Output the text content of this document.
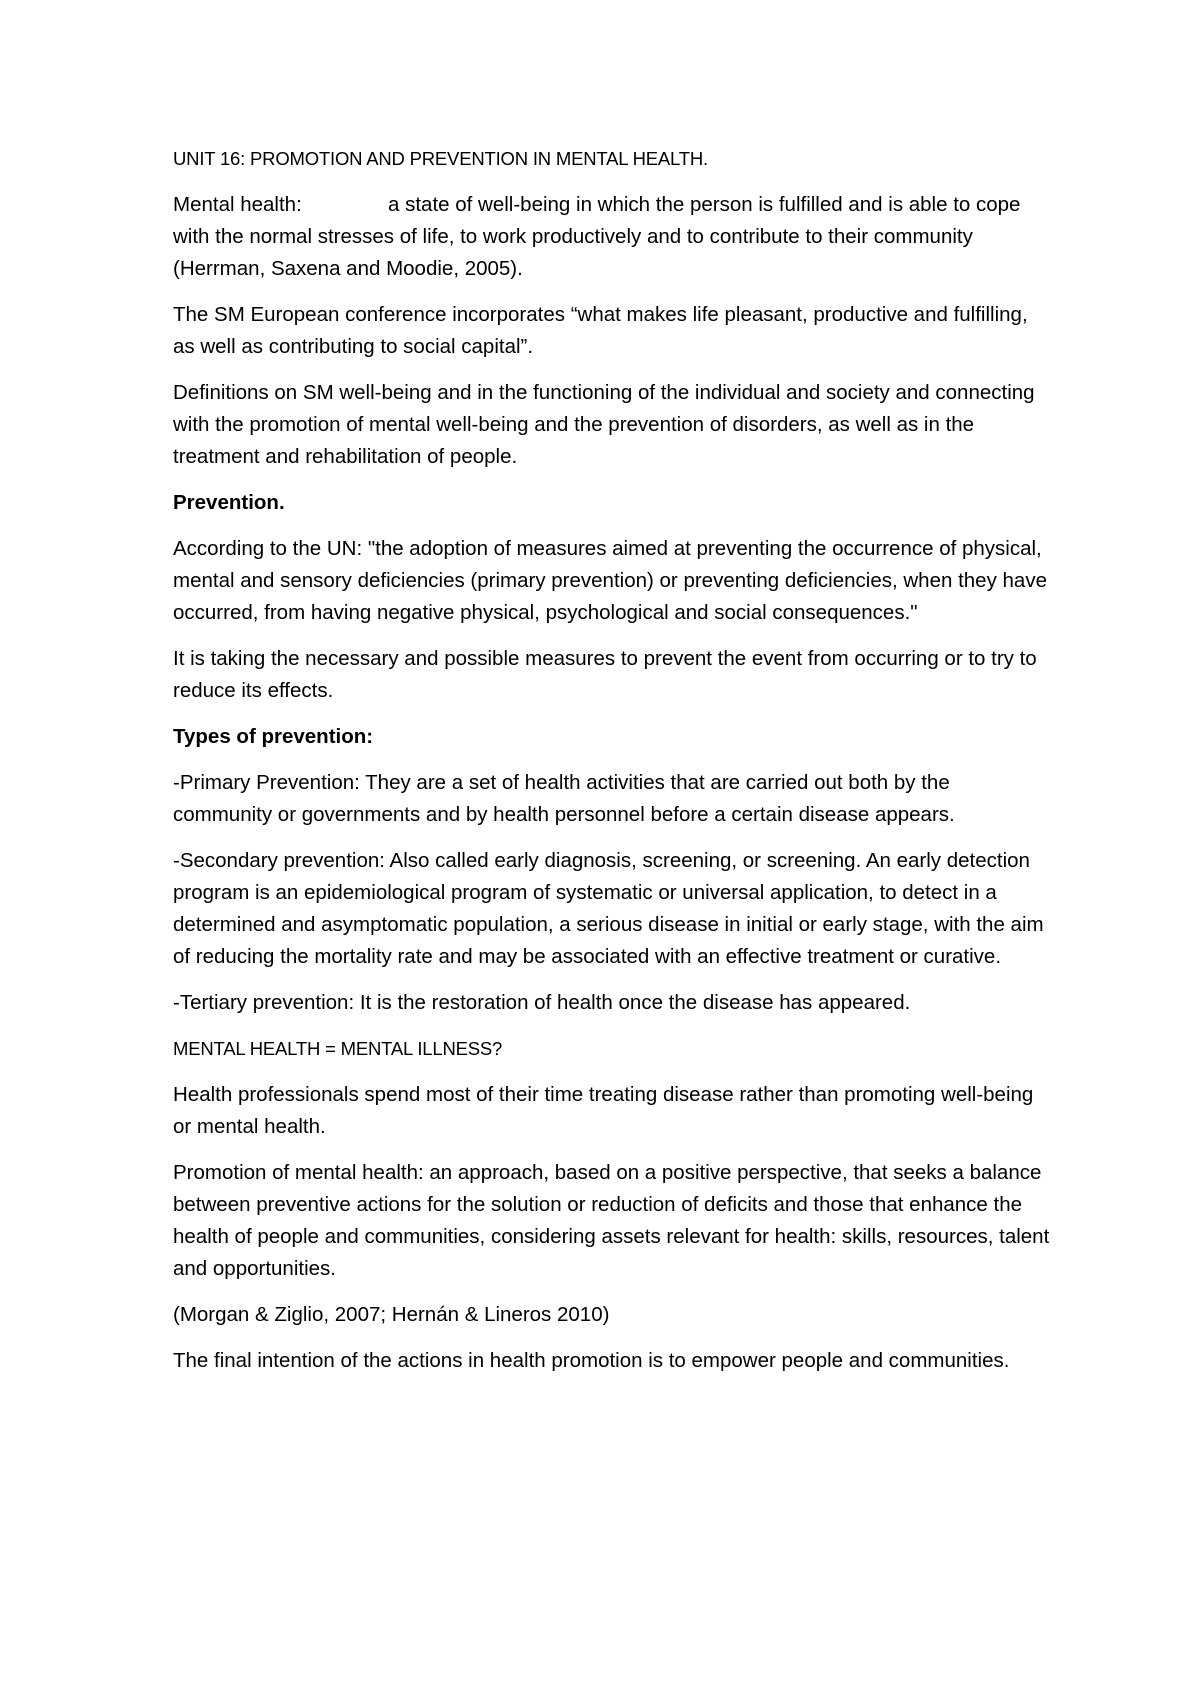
UNIT 16: PROMOTION AND PREVENTION IN MENTAL HEALTH.

Mental health:	a state of well-being in which the person is fulfilled and is able to cope with the normal stresses of life, to work productively and to contribute to their community (Herrman, Saxena and Moodie, 2005).

The SM European conference incorporates “what makes life pleasant, productive and fulfilling, as well as contributing to social capital”.

Definitions on SM well-being and in the functioning of the individual and society and connecting with the promotion of mental well-being and the prevention of disorders, as well as in the treatment and rehabilitation of people.

Prevention.

According to the UN: "the adoption of measures aimed at preventing the occurrence of physical, mental and sensory deficiencies (primary prevention) or preventing deficiencies, when they have occurred, from having negative physical, psychological and social consequences."

It is taking the necessary and possible measures to prevent the event from occurring or to try to reduce its effects.

Types of prevention:

-Primary Prevention: They are a set of health activities that are carried out both by the community or governments and by health personnel before a certain disease appears.

-Secondary prevention: Also called early diagnosis, screening, or screening. An early detection program is an epidemiological program of systematic or universal application, to detect in a determined and asymptomatic population, a serious disease in initial or early stage, with the aim of reducing the mortality rate and may be associated with an effective treatment or curative.

-Tertiary prevention: It is the restoration of health once the disease has appeared.

MENTAL HEALTH = MENTAL ILLNESS?

Health professionals spend most of their time treating disease rather than promoting well-being or mental health.

Promotion of mental health: an approach, based on a positive perspective, that seeks a balance between preventive actions for the solution or reduction of deficits and those that enhance the health of people and communities, considering assets relevant for health: skills, resources, talent and opportunities.

(Morgan & Ziglio, 2007; Hernán & Lineros 2010)

The final intention of the actions in health promotion is to empower people and communities.
